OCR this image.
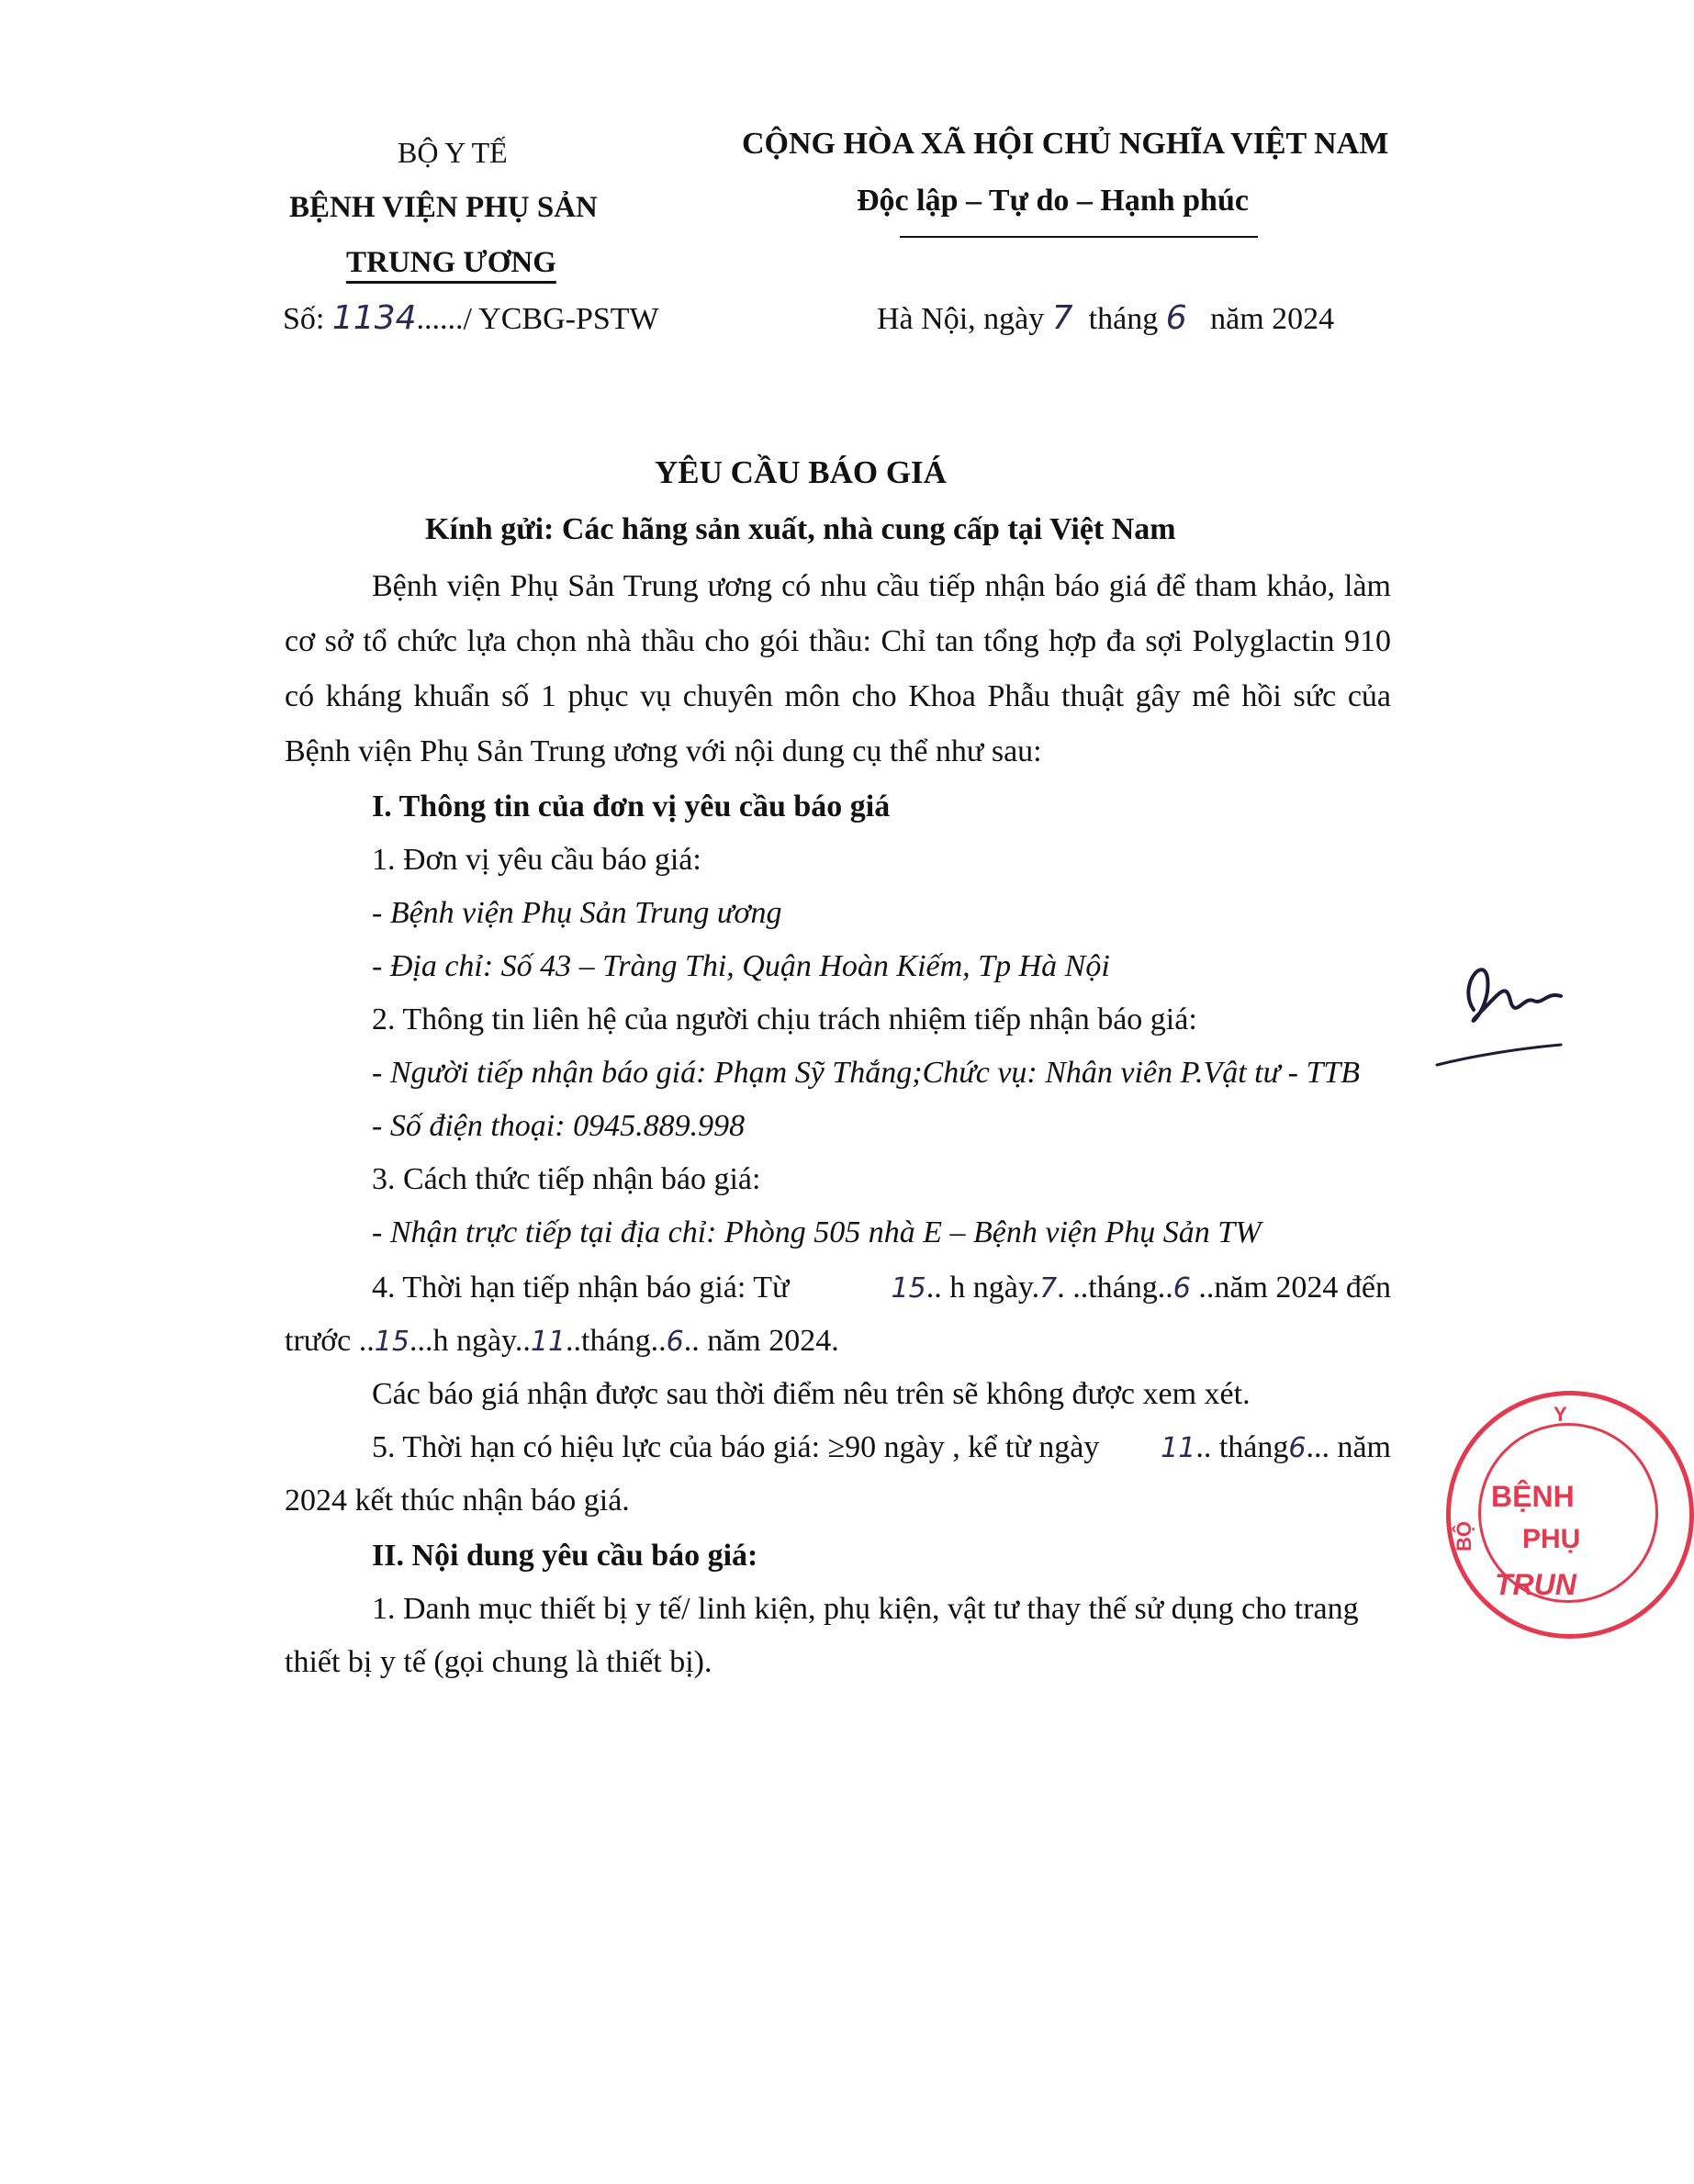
BỘ Y TẾ
BỆNH VIỆN PHỤ SẢN
TRUNG ƯƠNG
Số: 1134....../ YCBG-PSTW
CỘNG HÒA XÃ HỘI CHỦ NGHĨA VIỆT NAM
Độc lập – Tự do – Hạnh phúc
Hà Nội, ngày 7 tháng 6 năm 2024
YÊU CẦU BÁO GIÁ
Kính gửi: Các hãng sản xuất, nhà cung cấp tại Việt Nam
Bệnh viện Phụ Sản Trung ương có nhu cầu tiếp nhận báo giá để tham khảo, làm
cơ sở tổ chức lựa chọn nhà thầu cho gói thầu: Chỉ tan tổng hợp đa sợi Polyglactin 910
có kháng khuẩn số 1 phục vụ chuyên môn cho Khoa Phẫu thuật gây mê hồi sức của
Bệnh viện Phụ Sản Trung ương với nội dung cụ thể như sau:
I. Thông tin của đơn vị yêu cầu báo giá
1. Đơn vị yêu cầu báo giá:
- Bệnh viện Phụ Sản Trung ương
- Địa chỉ: Số 43 – Tràng Thi, Quận Hoàn Kiếm, Tp Hà Nội
2. Thông tin liên hệ của người chịu trách nhiệm tiếp nhận báo giá:
- Người tiếp nhận báo giá: Phạm Sỹ Thắng;Chức vụ: Nhân viên P.Vật tư - TTB
- Số điện thoại: 0945.889.998
3. Cách thức tiếp nhận báo giá:
- Nhận trực tiếp tại địa chỉ: Phòng 505 nhà E – Bệnh viện Phụ Sản TW
4. Thời hạn tiếp nhận báo giá: Từ	15.. h ngày.7. ..tháng..6 ..năm 2024 đến
trước ..15...h ngày..11..tháng..6.. năm 2024.
Các báo giá nhận được sau thời điểm nêu trên sẽ không được xem xét.
5. Thời hạn có hiệu lực của báo giá: ≥90 ngày , kể từ ngày 11.. tháng6... năm
2024 kết thúc nhận báo giá.
II. Nội dung yêu cầu báo giá:
1. Danh mục thiết bị y tế/ linh kiện, phụ kiện, vật tư thay thế sử dụng cho trang
thiết bị y tế (gọi chung là thiết bị).
Y
BỆNH
PHỤ
TRUN
BỘ
